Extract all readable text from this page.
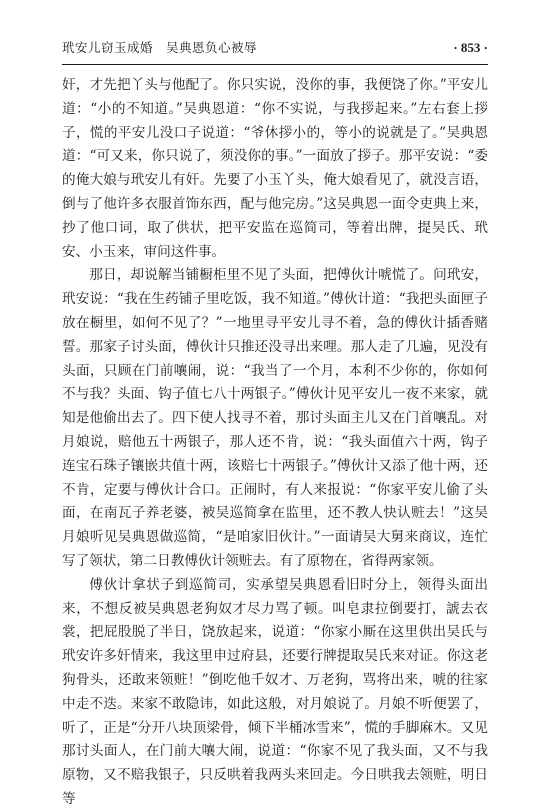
玳安儿窃玉成婚　吴典恩负心被辱	· 853 ·

奸，才先把丫头与他配了。你只实说，没你的事，我便饶了你。”平安儿道：“小的不知道。”吴典恩道：“你不实说，与我拶起来。”左右套上拶子，慌的平安儿没口子说道：“爷休拶小的，等小的说就是了。”吴典恩道：“可又来，你只说了，须没你的事。”一面放了拶子。那平安说：“委的俺大娘与玳安儿有奸。先要了小玉丫头，俺大娘看见了，就没言语，倒与了他许多衣服首饰东西，配与他完房。”这吴典恩一面令吏典上来，抄了他口词，取了供状，把平安监在巡简司，等着出牌，提吴氏、玳安、小玉来，审问这件事。

那日，却说解当铺橱柜里不见了头面，把傅伙计唬慌了。问玳安，玳安说：“我在生药铺子里吃饭，我不知道。”傅伙计道：“我把头面匣子放在橱里，如何不见了？”一地里寻平安儿寻不着，急的傅伙计插香赌誓。那家子讨头面，傅伙计只推还没寻出来哩。那人走了几遍，见没有头面，只顾在门前嚷闹，说：“我当了一个月，本利不少你的，你如何不与我？头面、钩子值七八十两银子。”傅伙计见平安儿一夜不来家，就知是他偷出去了。四下使人找寻不着，那讨头面主儿又在门首嚷乱。对月娘说，赔他五十两银子，那人还不肯，说：“我头面值六十两，钩子连宝石珠子镶嵌共值十两，该赔七十两银子。”傅伙计又添了他十两，还不肯，定要与傅伙计合口。正闹时，有人来报说：“你家平安儿偷了头面，在南瓦子养老婆，被吴巡简拿在监里，还不教人快认赃去！”这吴月娘听见吴典恩做巡简，“是咱家旧伙计。”一面请吴大舅来商议，连忙写了领状，第二日教傅伙计领赃去。有了原物在，省得两家领。

傅伙计拿状子到巡简司，实承望吴典恩看旧时分上，领得头面出来，不想反被吴典恩老狗奴才尽力骂了顿。叫皂隶拉倒要打，諕去衣裳，把屁股脱了半日，饶放起来，说道：“你家小厮在这里供出吴氏与玳安许多奸情来，我这里申过府县，还要行牌提取吴氏来对证。你这老狗骨头，还敢来领赃！”倒吃他千奴才、万老狗，骂将出来，唬的往家中走不迭。来家不敢隐讳，如此这般，对月娘说了。月娘不听便罢了，听了，正是“分开八块顶梁骨，倾下半桶冰雪来”，慌的手脚麻木。又见那讨头面人，在门前大嚷大闹，说道：“你家不见了我头面，又不与我原物，又不赔我银子，只反哄着我两头来回走。今日哄我去领赃，明日等
